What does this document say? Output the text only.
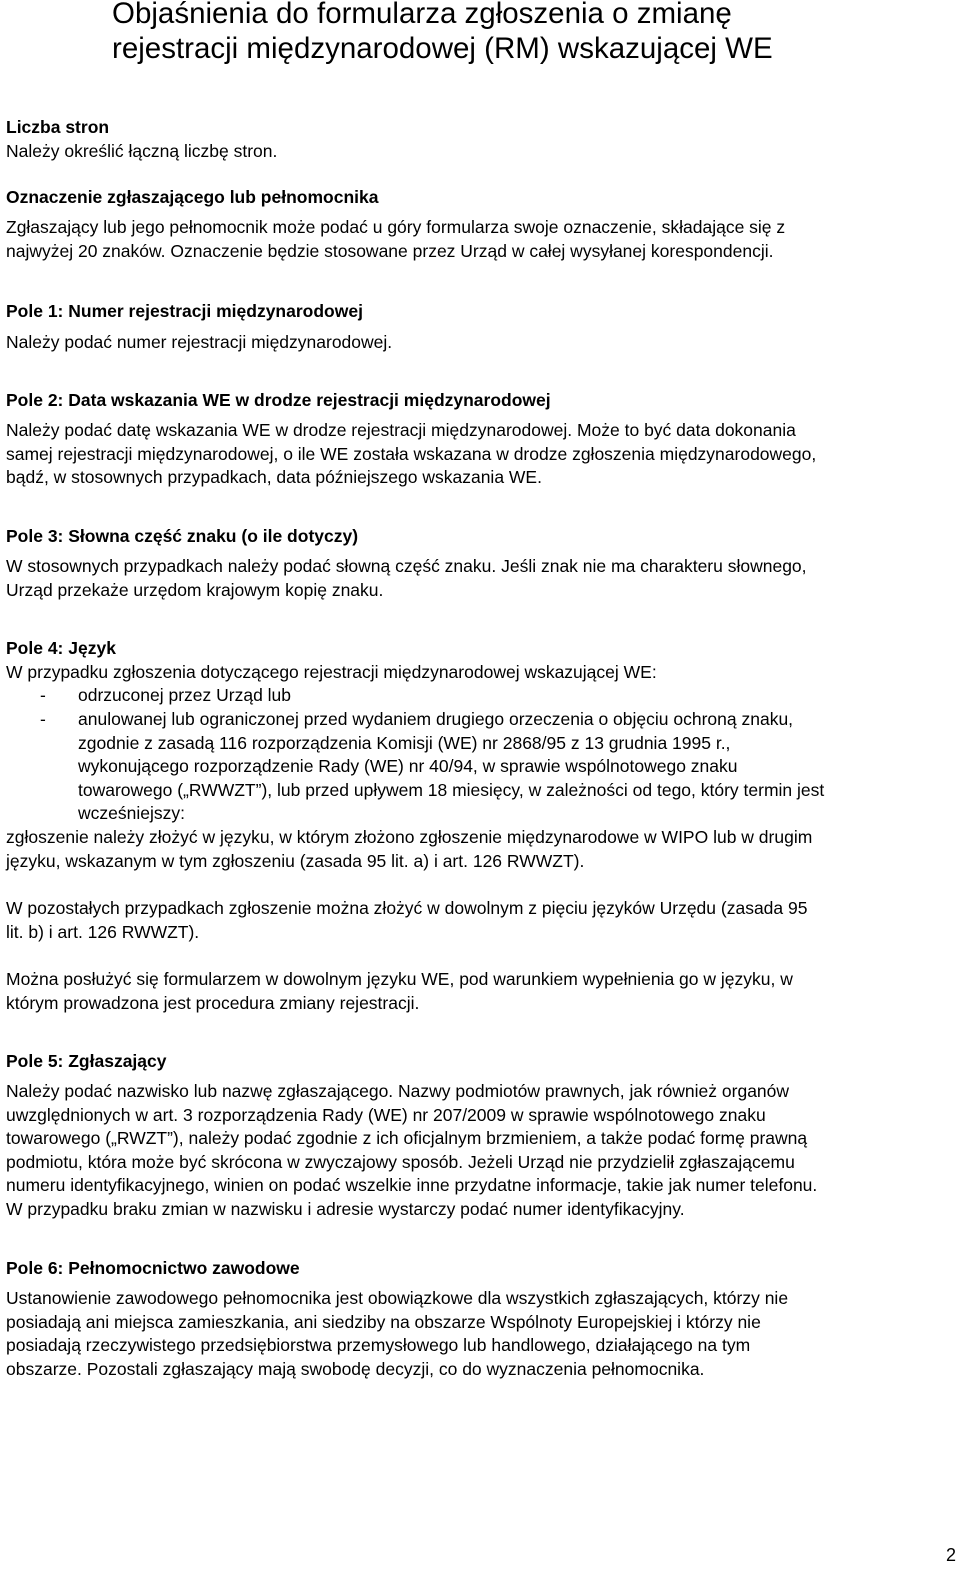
Objaśnienia do formularza zgłoszenia o zmianę
rejestracji międzynarodowej (RM) wskazującej WE

Liczba stron

Należy określić łączną liczbę stron.

Oznaczenie zgłaszającego lub pełnomocnika

Zgłaszający lub jego pełnomocnik może podać u góry formularza swoje oznaczenie, składające się z
najwyżej 20 znaków. Oznaczenie będzie stosowane przez Urząd w całej wysyłanej korespondencji.

Pole 1: Numer rejestracji międzynarodowej

Należy podać numer rejestracji międzynarodowej.

Pole 2: Data wskazania WE w drodze rejestracji międzynarodowej

Należy podać datę wskazania WE w drodze rejestracji międzynarodowej. Może to być data dokonania
samej rejestracji międzynarodowej, o ile WE została wskazana w drodze zgłoszenia międzynarodowego,
bądź, w stosownych przypadkach, data późniejszego wskazania WE.

Pole 3: Słowna część znaku (o ile dotyczy)

W stosownych przypadkach należy podać słowną część znaku. Jeśli znak nie ma charakteru słownego,
Urząd przekaże urzędom krajowym kopię znaku.

Pole 4: Język

W przypadku zgłoszenia dotyczącego rejestracji międzynarodowej wskazującej WE:

- odrzuconej przez Urząd lub
- anulowanej lub ograniczonej przed wydaniem drugiego orzeczenia o objęciu ochroną znaku,
zgodnie z zasadą 116 rozporządzenia Komisji (WE) nr 2868/95 z 13 grudnia 1995 r.,
wykonującego rozporządzenie Rady (WE) nr 40/94, w sprawie wspólnotowego znaku
towarowego („RWWZT”), lub przed upływem 18 miesięcy, w zależności od tego, który termin jest
wcześniejszy:

zgłoszenie należy złożyć w języku, w którym złożono zgłoszenie międzynarodowe w WIPO lub w drugim
języku, wskazanym w tym zgłoszeniu (zasada 95 lit. a) i art. 126 RWWZT).

W pozostałych przypadkach zgłoszenie można złożyć w dowolnym z pięciu języków Urzędu (zasada 95
lit. b) i art. 126 RWWZT).

Można posłużyć się formularzem w dowolnym języku WE, pod warunkiem wypełnienia go w języku, w
którym prowadzona jest procedura zmiany rejestracji.

Pole 5: Zgłaszający

Należy podać nazwisko lub nazwę zgłaszającego. Nazwy podmiotów prawnych, jak również organów
uwzględnionych w art. 3 rozporządzenia Rady (WE) nr 207/2009 w sprawie wspólnotowego znaku
towarowego („RWZT”), należy podać zgodnie z ich oficjalnym brzmieniem, a także podać formę prawną
podmiotu, która może być skrócona w zwyczajowy sposób. Jeżeli Urząd nie przydzielił zgłaszającemu
numeru identyfikacyjnego, winien on podać wszelkie inne przydatne informacje, takie jak numer telefonu.
W przypadku braku zmian w nazwisku i adresie wystarczy podać numer identyfikacyjny.

Pole 6: Pełnomocnictwo zawodowe

Ustanowienie zawodowego pełnomocnika jest obowiązkowe dla wszystkich zgłaszających, którzy nie
posiadają ani miejsca zamieszkania, ani siedziby na obszarze Wspólnoty Europejskiej i którzy nie
posiadają rzeczywistego przedsiębiorstwa przemysłowego lub handlowego, działającego na tym
obszarze. Pozostali zgłaszający mają swobodę decyzji, co do wyznaczenia pełnomocnika.

2
